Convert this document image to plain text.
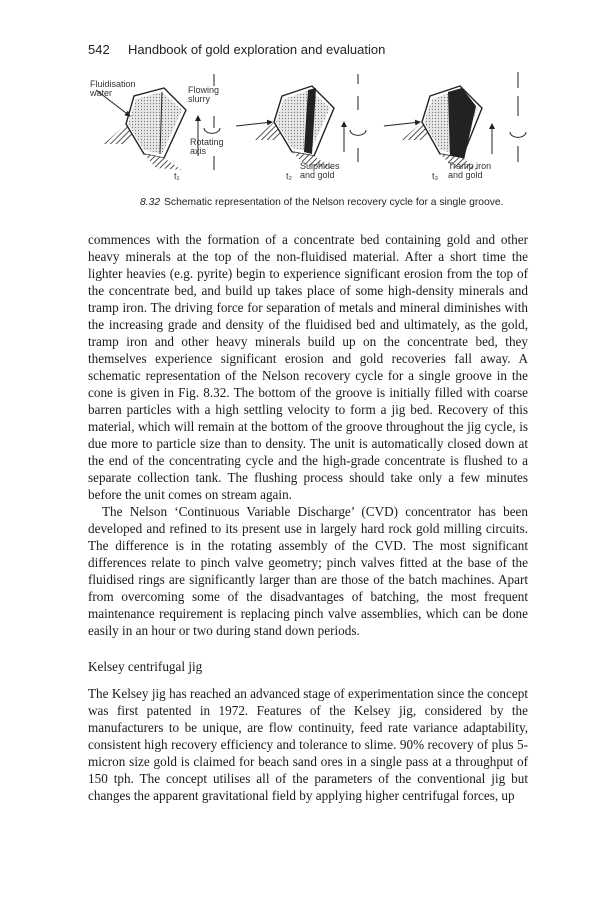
542 Handbook of gold exploration and evaluation
Fluidisation
water	Flowing
slurry
Rotating
axis
t₁
Sulphides
and gold
t₂
Tramp iron
and gold
t₃
8.32 Schematic representation of the Nelson recovery cycle for a single groove.

commences with the formation of a concentrate bed containing gold and other heavy minerals at the top of the non-fluidised material. After a short time the lighter heavies (e.g. pyrite) begin to experience significant erosion from the top of the concentrate bed, and build up takes place of some high-density minerals and tramp iron. The driving force for separation of metals and mineral diminishes with the increasing grade and density of the fluidised bed and ultimately, as the gold, tramp iron and other heavy minerals build up on the concentrate bed, they themselves experience significant erosion and gold recoveries fall away. A schematic representation of the Nelson recovery cycle for a single groove in the cone is given in Fig. 8.32. The bottom of the groove is initially filled with coarse barren particles with a high settling velocity to form a jig bed. Recovery of this material, which will remain at the bottom of the groove throughout the jig cycle, is due more to particle size than to density. The unit is automatically closed down at the end of the concentrating cycle and the high-grade concentrate is flushed to a separate collection tank. The flushing process should take only a few minutes before the unit comes on stream again.

The Nelson ‘Continuous Variable Discharge’ (CVD) concentrator has been developed and refined to its present use in largely hard rock gold milling circuits. The difference is in the rotating assembly of the CVD. The most significant differences relate to pinch valve geometry; pinch valves fitted at the base of the fluidised rings are significantly larger than are those of the batch machines. Apart from overcoming some of the disadvantages of batching, the most frequent maintenance requirement is replacing pinch valve assemblies, which can be done easily in an hour or two during stand down periods.

Kelsey centrifugal jig

The Kelsey jig has reached an advanced stage of experimentation since the concept was first patented in 1972. Features of the Kelsey jig, considered by the manufacturers to be unique, are flow continuity, feed rate variance adaptability, consistent high recovery efficiency and tolerance to slime. 90% recovery of plus 5-micron size gold is claimed for beach sand ores in a single pass at a throughput of 150 tph. The concept utilises all of the parameters of the conventional jig but changes the apparent gravitational field by applying higher centrifugal forces, up
